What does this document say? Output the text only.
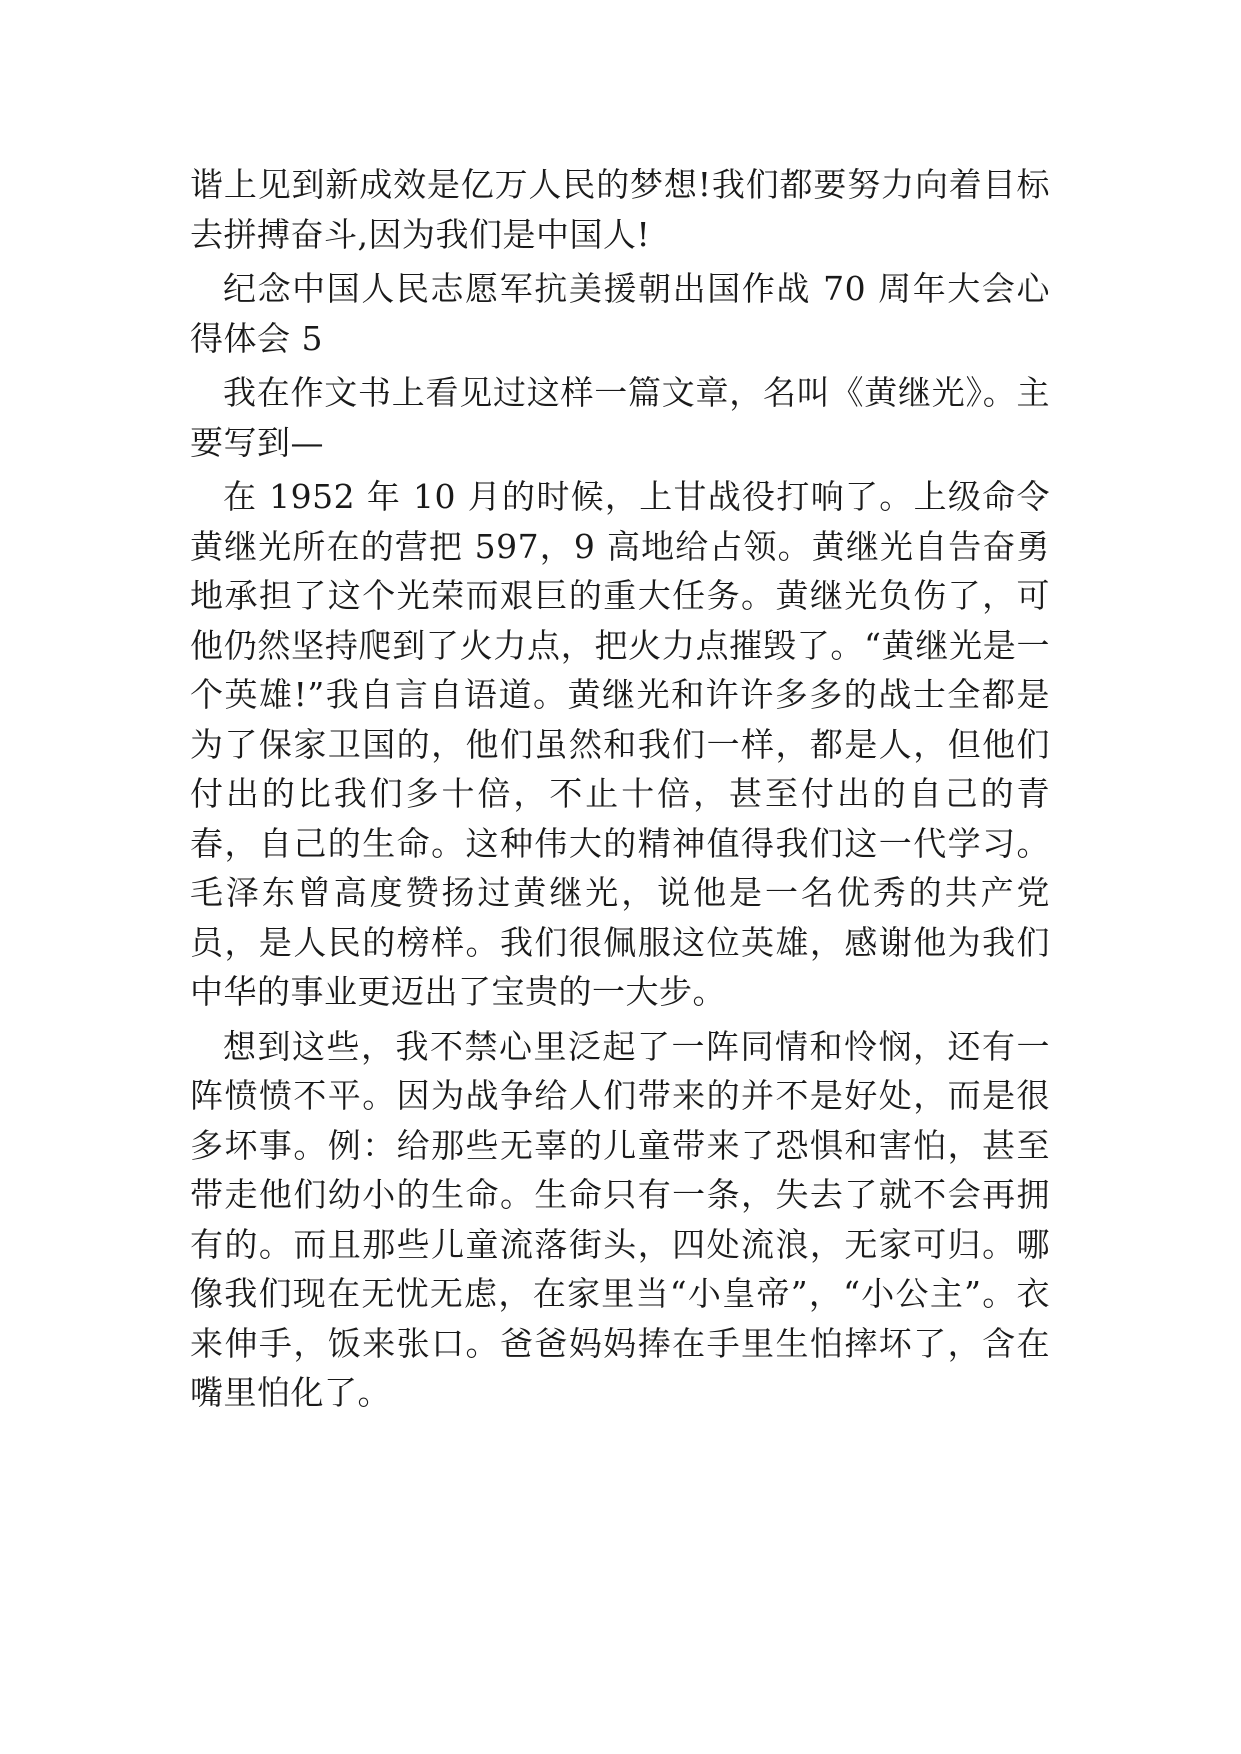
谐上见到新成效是亿万人民的梦想!我们都要努力向着目标去拼搏奋斗,因为我们是中国人!

纪念中国人民志愿军抗美援朝出国作战 70 周年大会心得体会 5

我在作文书上看见过这样一篇文章，名叫《黄继光》。主要写到—

在 1952 年 10 月的时候，上甘战役打响了。上级命令黄继光所在的营把 597，9 高地给占领。黄继光自告奋勇地承担了这个光荣而艰巨的重大任务。黄继光负伤了，可他仍然坚持爬到了火力点，把火力点摧毁了。“黄继光是一个英雄!”我自言自语道。黄继光和许许多多的战士全都是为了保家卫国的，他们虽然和我们一样，都是人，但他们付出的比我们多十倍，不止十倍，甚至付出的自己的青春，自己的生命。这种伟大的精神值得我们这一代学习。毛泽东曾高度赞扬过黄继光，说他是一名优秀的共产党员，是人民的榜样。我们很佩服这位英雄，感谢他为我们中华的事业更迈出了宝贵的一大步。

想到这些，我不禁心里泛起了一阵同情和怜悯，还有一阵愤愤不平。因为战争给人们带来的并不是好处，而是很多坏事。例：给那些无辜的儿童带来了恐惧和害怕，甚至带走他们幼小的生命。生命只有一条，失去了就不会再拥有的。而且那些儿童流落街头，四处流浪，无家可归。哪像我们现在无忧无虑，在家里当“小皇帝”，“小公主”。衣来伸手，饭来张口。爸爸妈妈捧在手里生怕摔坏了，含在嘴里怕化了。
